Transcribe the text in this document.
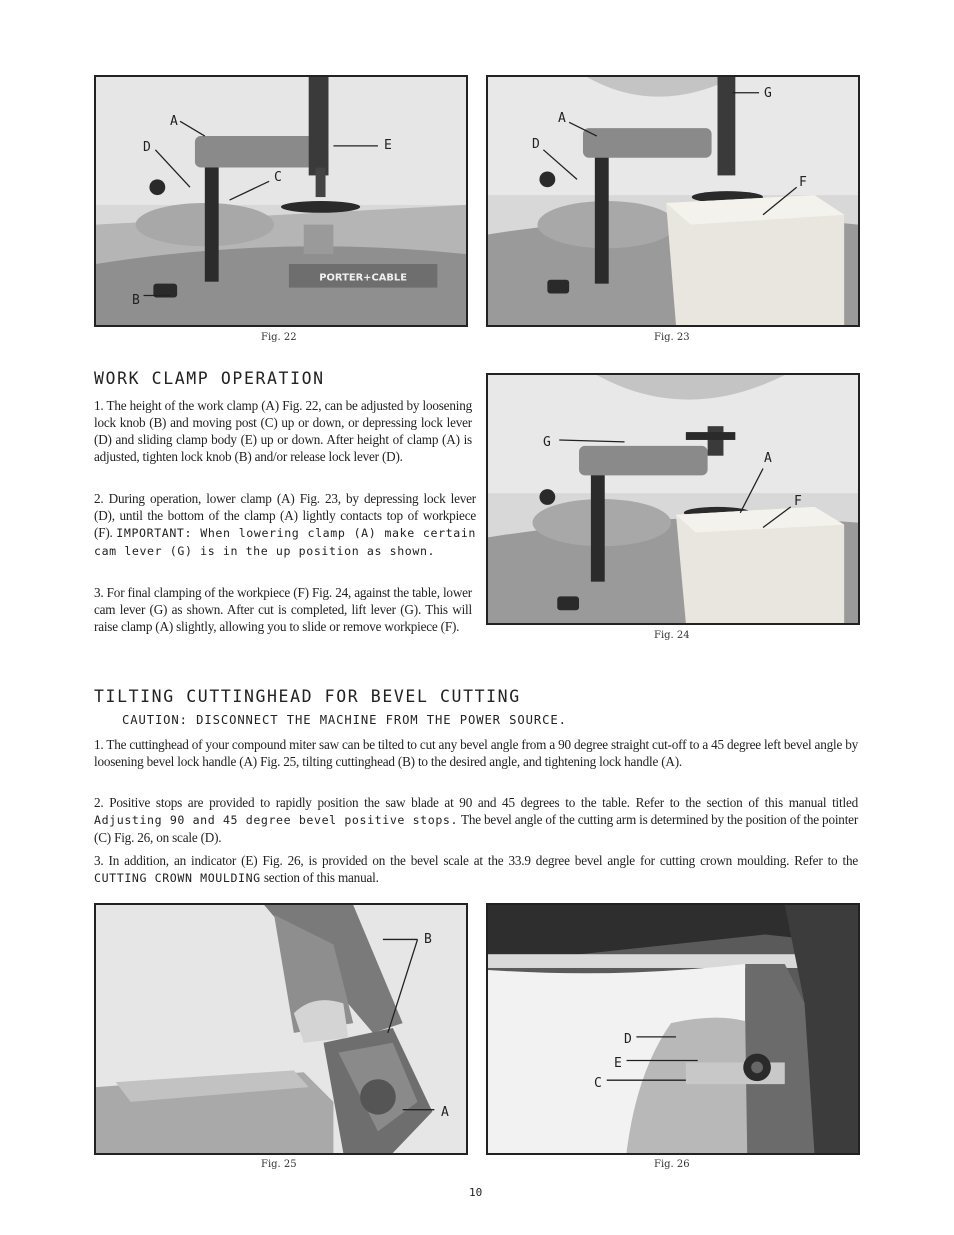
PORTER+CABLE
A
D
C
E
B
Fig. 22
A
D
G
F
Fig. 23
WORK CLAMP OPERATION

1. The height of the work clamp (A) Fig. 22, can be adjusted by loosening lock knob (B) and moving post (C) up or down, or depressing lock lever (D) and sliding clamp body (E) up or down. After height of clamp (A) is adjusted, tighten lock knob (B) and/or release lock lever (D).

2. During operation, lower clamp (A) Fig. 23, by depressing lock lever (D), until the bottom of the clamp (A) lightly contacts top of workpiece (F). IMPORTANT: When lowering clamp (A) make certain cam lever (G) is in the up position as shown.

3. For final clamping of the workpiece (F) Fig. 24, against the table, lower cam lever (G) as shown. After cut is completed, lift lever (G). This will raise clamp (A) slightly, allowing you to slide or remove workpiece (F).

G
A
F
Fig. 24
TILTING CUTTINGHEAD FOR BEVEL CUTTING
CAUTION: DISCONNECT THE MACHINE FROM THE POWER SOURCE.

1. The cuttinghead of your compound miter saw can be tilted to cut any bevel angle from a 90 degree straight cut-off to a 45 degree left bevel angle by loosening bevel lock handle (A) Fig. 25, tilting cuttinghead (B) to the desired angle, and tightening lock handle (A).

2. Positive stops are provided to rapidly position the saw blade at 90 and 45 degrees to the table. Refer to the section of this manual titled Adjusting 90 and 45 degree bevel positive stops. The bevel angle of the cutting arm is determined by the position of the pointer (C) Fig. 26, on scale (D).

3. In addition, an indicator (E) Fig. 26, is provided on the bevel scale at the 33.9 degree bevel angle for cutting crown moulding. Refer to the CUTTING CROWN MOULDING section of this manual.

B
A
Fig. 25
D
E
C
Fig. 26
10
